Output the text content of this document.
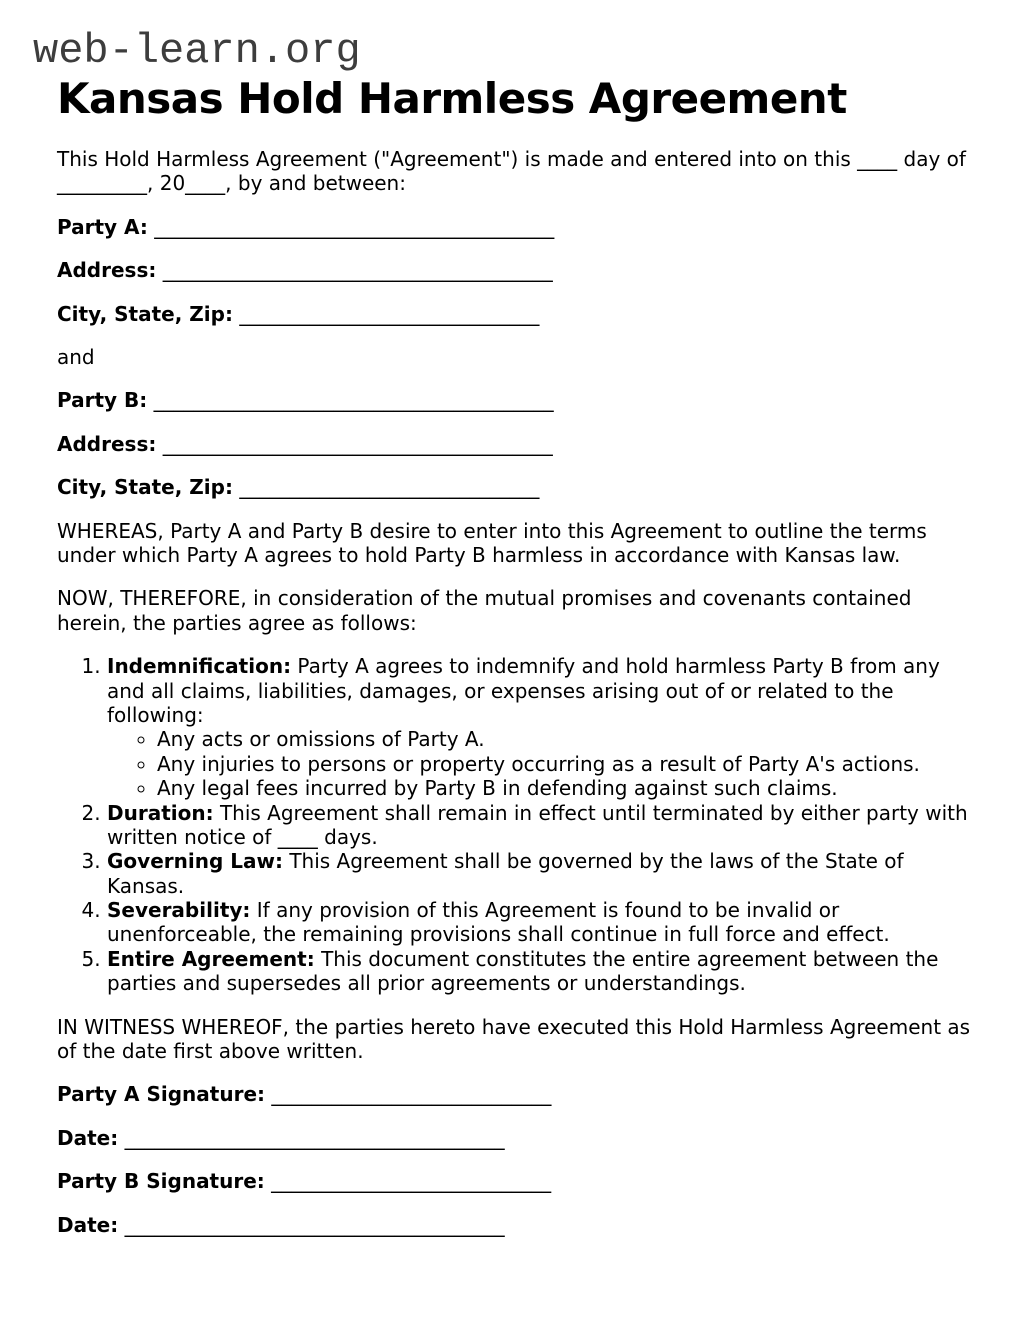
web-learn.org

Kansas Hold Harmless Agreement

This Hold Harmless Agreement ("Agreement") is made and entered into on this ____ day of _________, 20____, by and between:

Party A: ________________________________________

Address: _______________________________________

City, State, Zip: ______________________________

and

Party B: ________________________________________

Address: _______________________________________

City, State, Zip: ______________________________

WHEREAS, Party A and Party B desire to enter into this Agreement to outline the terms under which Party A agrees to hold Party B harmless in accordance with Kansas law.

NOW, THEREFORE, in consideration of the mutual promises and covenants contained herein, the parties agree as follows:

1. Indemnification: Party A agrees to indemnify and hold harmless Party B from any and all claims, liabilities, damages, or expenses arising out of or related to the following:
◦ Any acts or omissions of Party A.
◦ Any injuries to persons or property occurring as a result of Party A's actions.
◦ Any legal fees incurred by Party B in defending against such claims.
2. Duration: This Agreement shall remain in effect until terminated by either party with written notice of ____ days.
3. Governing Law: This Agreement shall be governed by the laws of the State of Kansas.
4. Severability: If any provision of this Agreement is found to be invalid or unenforceable, the remaining provisions shall continue in full force and effect.
5. Entire Agreement: This document constitutes the entire agreement between the parties and supersedes all prior agreements or understandings.

IN WITNESS WHEREOF, the parties hereto have executed this Hold Harmless Agreement as of the date first above written.

Party A Signature: ____________________________

Date: ______________________________________

Party B Signature: ____________________________

Date: ______________________________________
